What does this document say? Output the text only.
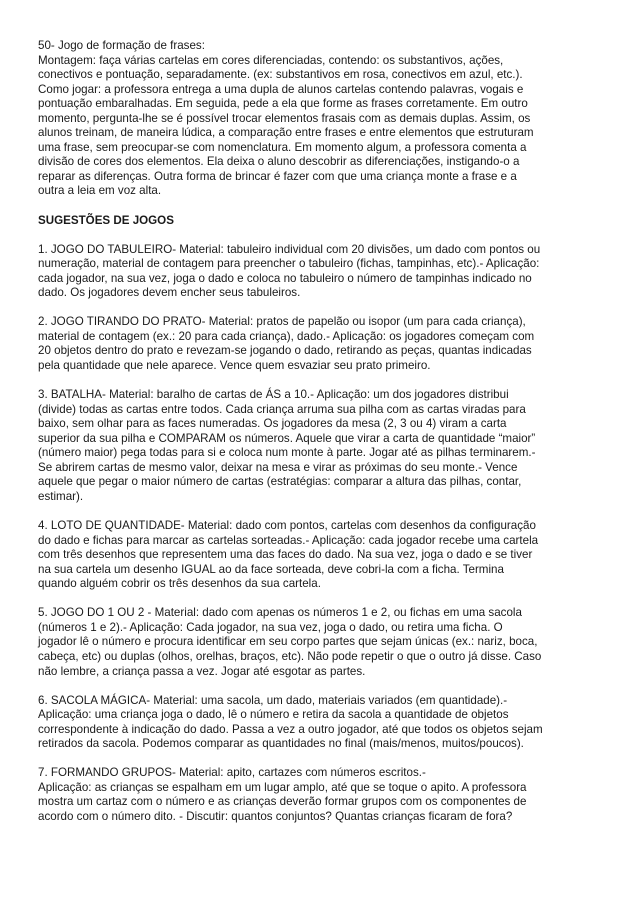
50- Jogo de formação de frases:
Montagem: faça várias cartelas em cores diferenciadas, contendo: os substantivos, ações,
conectivos e pontuação, separadamente. (ex: substantivos em rosa, conectivos em azul, etc.).
Como jogar: a professora entrega a uma dupla de alunos cartelas contendo palavras, vogais e
pontuação embaralhadas. Em seguida, pede a ela que forme as frases corretamente. Em outro
momento, pergunta-lhe se é possível trocar elementos frasais com as demais duplas. Assim, os
alunos treinam, de maneira lúdica, a comparação entre frases e entre elementos que estruturam
uma frase, sem preocupar-se com nomenclatura. Em momento algum, a professora comenta a
divisão de cores dos elementos. Ela deixa o aluno descobrir as diferenciações, instigando-o a
reparar as diferenças. Outra forma de brincar é fazer com que uma criança monte a frase e a
outra a leia em voz alta.

SUGESTÕES DE JOGOS

1. JOGO DO TABULEIRO- Material: tabuleiro individual com 20 divisões, um dado com pontos ou
numeração, material de contagem para preencher o tabuleiro (fichas, tampinhas, etc).- Aplicação:
cada jogador, na sua vez, joga o dado e coloca no tabuleiro o número de tampinhas indicado no
dado. Os jogadores devem encher seus tabuleiros.

2. JOGO TIRANDO DO PRATO- Material: pratos de papelão ou isopor (um para cada criança),
material de contagem (ex.: 20 para cada criança), dado.- Aplicação: os jogadores começam com
20 objetos dentro do prato e revezam-se jogando o dado, retirando as peças, quantas indicadas
pela quantidade que nele aparece. Vence quem esvaziar seu prato primeiro.

3. BATALHA- Material: baralho de cartas de ÁS a 10.- Aplicação: um dos jogadores distribui
(divide) todas as cartas entre todos. Cada criança arruma sua pilha com as cartas viradas para
baixo, sem olhar para as faces numeradas. Os jogadores da mesa (2, 3 ou 4) viram a carta
superior da sua pilha e COMPARAM os números. Aquele que virar a carta de quantidade “maior”
(número maior) pega todas para si e coloca num monte à parte. Jogar até as pilhas terminarem.-
Se abrirem cartas de mesmo valor, deixar na mesa e virar as próximas do seu monte.- Vence
aquele que pegar o maior número de cartas (estratégias: comparar a altura das pilhas, contar,
estimar).

4. LOTO DE QUANTIDADE- Material: dado com pontos, cartelas com desenhos da configuração
do dado e fichas para marcar as cartelas sorteadas.- Aplicação: cada jogador recebe uma cartela
com três desenhos que representem uma das faces do dado. Na sua vez, joga o dado e se tiver
na sua cartela um desenho IGUAL ao da face sorteada, deve cobri-la com a ficha. Termina
quando alguém cobrir os três desenhos da sua cartela.

5. JOGO DO 1 OU 2 - Material: dado com apenas os números 1 e 2, ou fichas em uma sacola
(números 1 e 2).- Aplicação: Cada jogador, na sua vez, joga o dado, ou retira uma ficha. O
jogador lê o número e procura identificar em seu corpo partes que sejam únicas (ex.: nariz, boca,
cabeça, etc) ou duplas (olhos, orelhas, braços, etc). Não pode repetir o que o outro já disse. Caso
não lembre, a criança passa a vez. Jogar até esgotar as partes.

6. SACOLA MÁGICA- Material: uma sacola, um dado, materiais variados (em quantidade).-
Aplicação: uma criança joga o dado, lê o número e retira da sacola a quantidade de objetos
correspondente à indicação do dado. Passa a vez a outro jogador, até que todos os objetos sejam
retirados da sacola. Podemos comparar as quantidades no final (mais/menos, muitos/poucos).

7. FORMANDO GRUPOS- Material: apito, cartazes com números escritos.-
Aplicação: as crianças se espalham em um lugar amplo, até que se toque o apito. A professora
mostra um cartaz com o número e as crianças deverão formar grupos com os componentes de
acordo com o número dito. - Discutir: quantos conjuntos? Quantas crianças ficaram de fora?
